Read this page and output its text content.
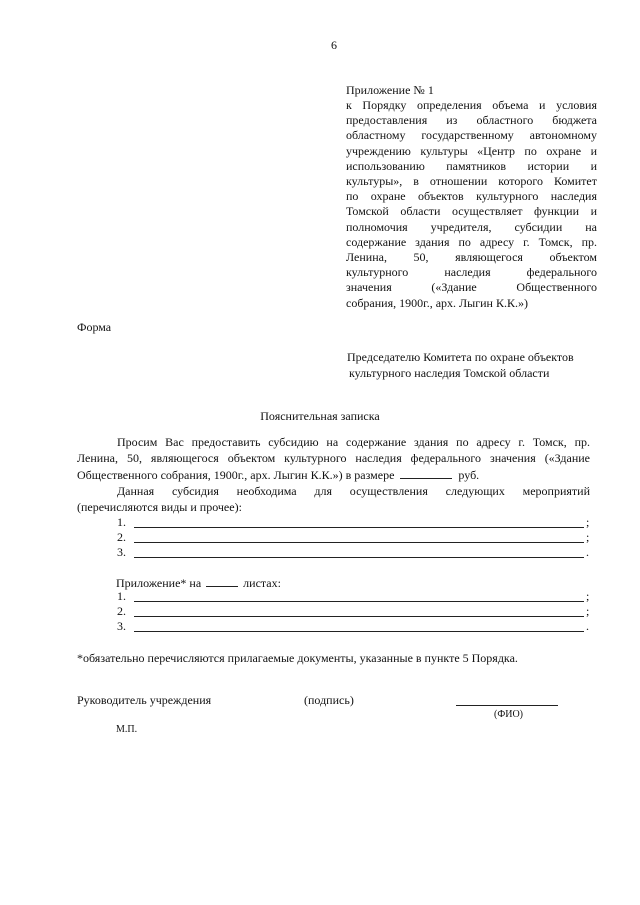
6
Приложение № 1
к Порядку определения объема и условия
предоставления из областного бюджета
областному государственному автономному
учреждению культуры «Центр по охране и
использованию памятников истории и
культуры», в отношении которого Комитет
по охране объектов культурного наследия
Томской области осуществляет функции и
полномочия учредителя, субсидии на
содержание здания по адресу г. Томск, пр.
Ленина, 50, являющегося объектом
культурного наследия федерального
значения («Здание Общественного
собрания, 1900г., арх. Лыгин К.К.»)
Форма
Председателю Комитета по охране объектов
культурного наследия Томской области
Пояснительная записка
Просим Вас предоставить субсидию на содержание здания по адресу г. Томск, пр.
Ленина, 50, являющегося объектом культурного наследия федерального значения («Здание
Общественного собрания, 1900г., арх. Лыгин К.К.») в размере	руб.
Данная субсидия необходима для осуществления следующих мероприятий
(перечисляются виды и прочее):
1.	;
2.	;
3.	.
Приложение* на	листах:
1.	;
2.	;
3.	.
*обязательно перечисляются прилагаемые документы, указанные в пункте 5 Порядка.
Руководитель учреждения	(подпись)
(ФИО)
М.П.
